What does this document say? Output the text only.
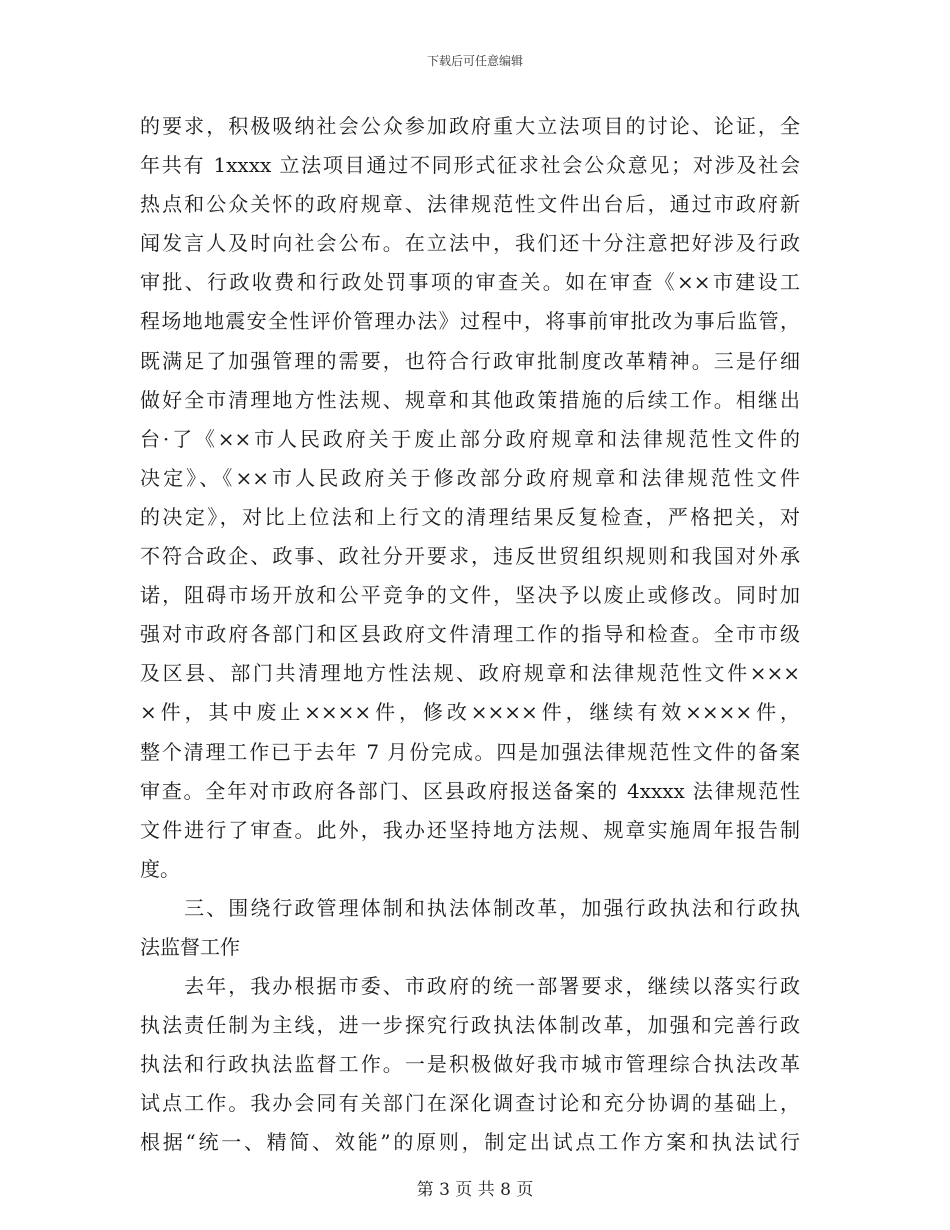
下载后可任意编辑
的要求，积极吸纳社会公众参加政府重大立法项目的讨论、论证，全
年共有 1xxxx 立法项目通过不同形式征求社会公众意见；对涉及社会
热点和公众关怀的政府规章、法律规范性文件出台后，通过市政府新
闻发言人及时向社会公布。在立法中，我们还十分注意把好涉及行政
审批、行政收费和行政处罚事项的审查关。如在审查《××市建设工
程场地地震安全性评价管理办法》过程中，将事前审批改为事后监管，
既满足了加强管理的需要，也符合行政审批制度改革精神。三是仔细
做好全市清理地方性法规、规章和其他政策措施的后续工作。相继出
台·了《××市人民政府关于废止部分政府规章和法律规范性文件的
决定》、《××市人民政府关于修改部分政府规章和法律规范性文件
的决定》，对比上位法和上行文的清理结果反复检查，严格把关，对
不符合政企、政事、政社分开要求，违反世贸组织规则和我国对外承
诺，阻碍市场开放和公平竞争的文件，坚决予以废止或修改。同时加
强对市政府各部门和区县政府文件清理工作的指导和检查。全市市级
及区县、部门共清理地方性法规、政府规章和法律规范性文件×××
×件，其中废止××××件，修改××××件，继续有效××××件，
整个清理工作已于去年 7 月份完成。四是加强法律规范性文件的备案
审查。全年对市政府各部门、区县政府报送备案的 4xxxx 法律规范性
文件进行了审查。此外，我办还坚持地方法规、规章实施周年报告制
度。
　　三、围绕行政管理体制和执法体制改革，加强行政执法和行政执
法监督工作
　　去年，我办根据市委、市政府的统一部署要求，继续以落实行政
执法责任制为主线，进一步探究行政执法体制改革，加强和完善行政
执法和行政执法监督工作。一是积极做好我市城市管理综合执法改革
试点工作。我办会同有关部门在深化调查讨论和充分协调的基础上，
根据“统一、精简、效能”的原则，制定出试点工作方案和执法试行
第 3 页 共 8 页
